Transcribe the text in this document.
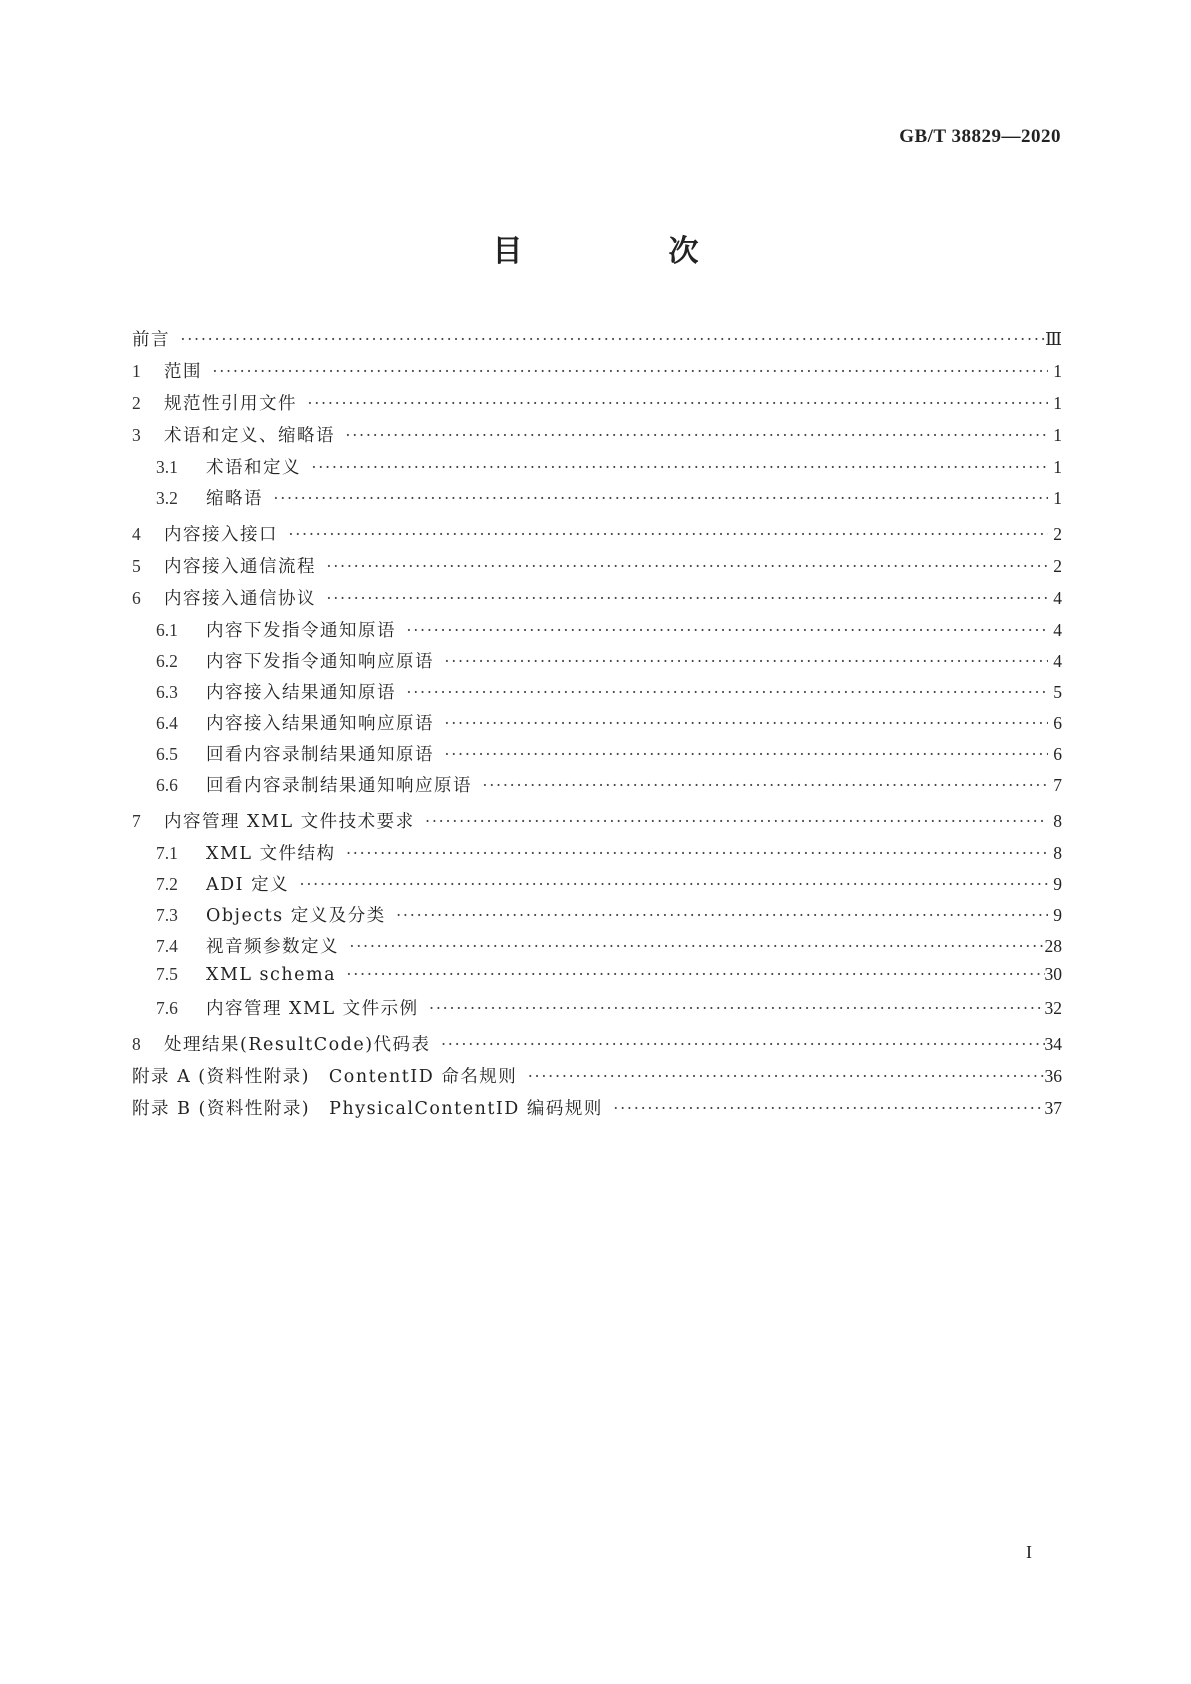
GB/T 38829—2020
目　次
前言 ·····	Ⅲ
1	范围 ·····	1
2	规范性引用文件 ·····	1
3	术语和定义、缩略语 ·····	1
3.1	术语和定义 ·····	1
3.2	缩略语 ·····	1
4	内容接入接口 ·····	2
5	内容接入通信流程 ·····	2
6	内容接入通信协议 ·····	4
6.1	内容下发指令通知原语 ·····	4
6.2	内容下发指令通知响应原语 ·····	4
6.3	内容接入结果通知原语 ·····	5
6.4	内容接入结果通知响应原语 ·····	6
6.5	回看内容录制结果通知原语 ·····	6
6.6	回看内容录制结果通知响应原语 ·····	7
7	内容管理 XML 文件技术要求 ·····	8
7.1	XML 文件结构 ·····	8
7.2	ADI 定义 ·····	9
7.3	Objects 定义及分类 ·····	9
7.4	视音频参数定义 ·····	28
7.5	XML schema ·····	30
7.6	内容管理 XML 文件示例 ·····	32
8	处理结果(ResultCode)代码表 ·····	34
附录 A (资料性附录)　ContentID 命名规则 ·····	36
附录 B (资料性附录)　PhysicalContentID 编码规则 ·····	37
I
